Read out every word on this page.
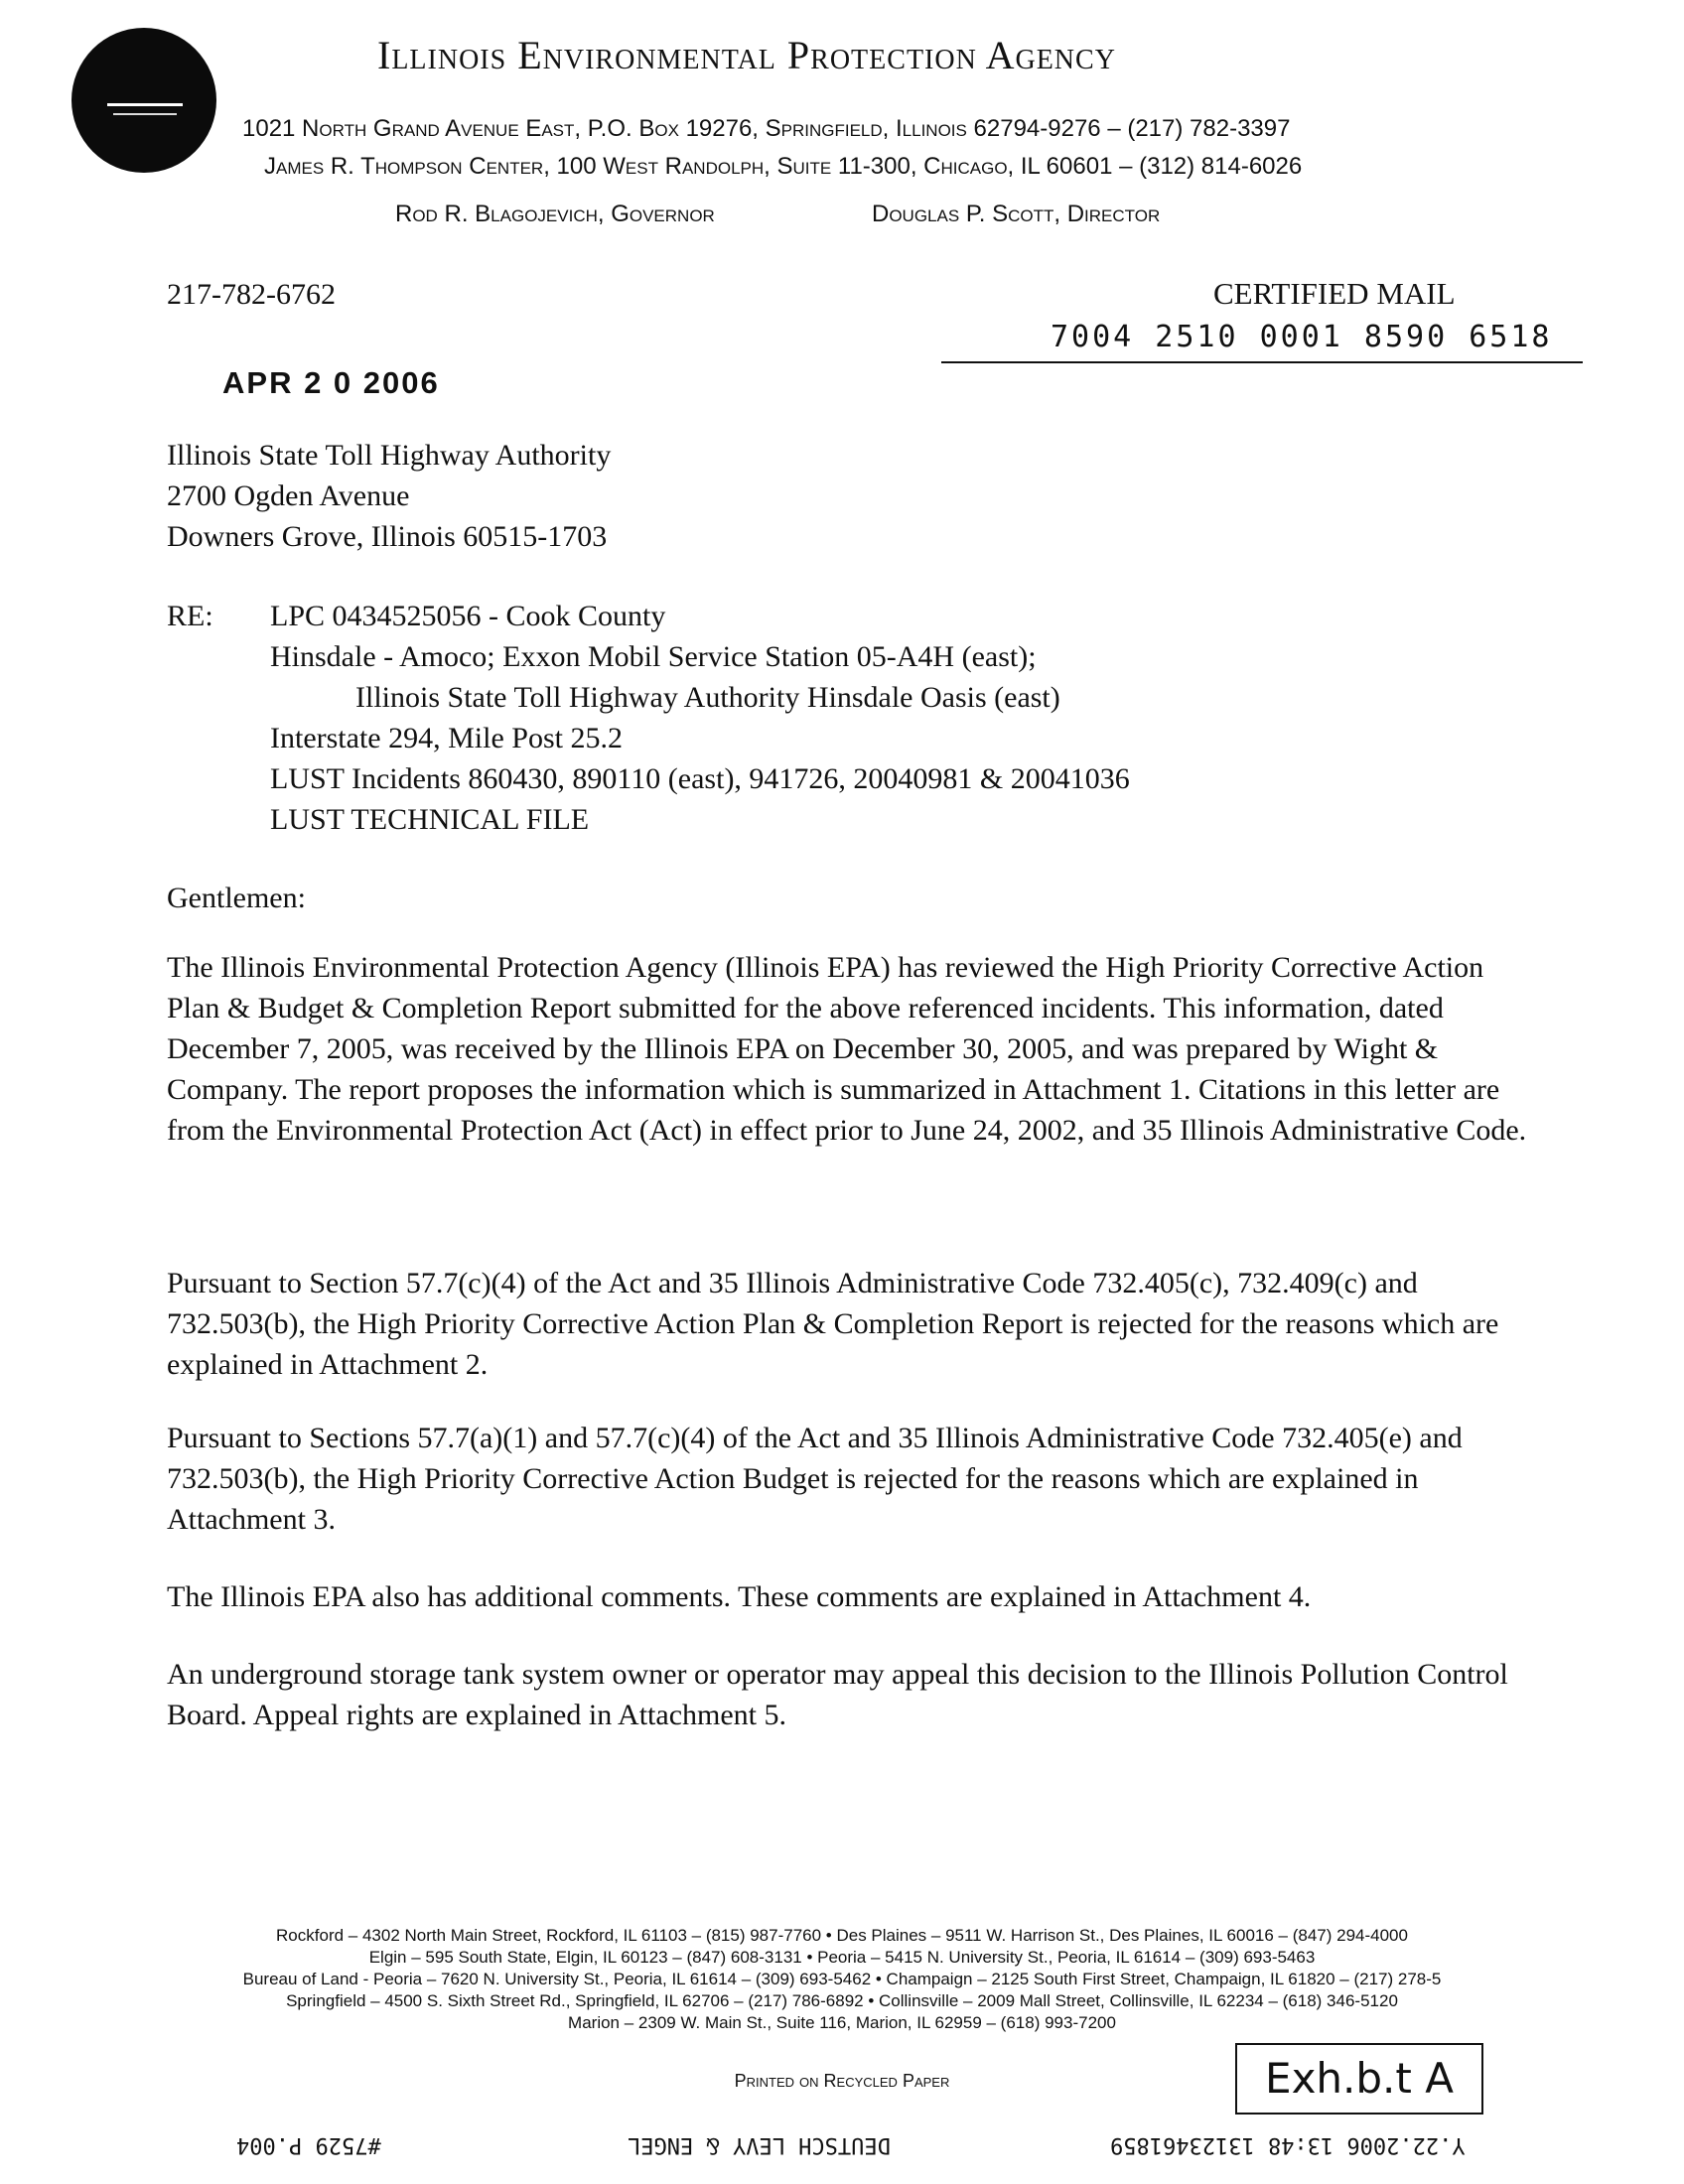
Illinois Environmental Protection Agency
1021 North Grand Avenue East, P.O. Box 19276, Springfield, Illinois 62794-9276 – (217) 782-3397
James R. Thompson Center, 100 West Randolph, Suite 11-300, Chicago, IL 60601 – (312) 814-6026
Rod R. Blagojevich, Governor	Douglas P. Scott, Director
217-782-6762	CERTIFIED MAIL
7004 2510 0001 8590 6518
APR 2 0 2006
Illinois State Toll Highway Authority
2700 Ogden Avenue
Downers Grove, Illinois 60515-1703
RE: LPC 0434525056 - Cook County
Hinsdale - Amoco; Exxon Mobil Service Station 05-A4H (east);
Illinois State Toll Highway Authority Hinsdale Oasis (east)
Interstate 294, Mile Post 25.2
LUST Incidents 860430, 890110 (east), 941726, 20040981 & 20041036
LUST TECHNICAL FILE
Gentlemen:
The Illinois Environmental Protection Agency (Illinois EPA) has reviewed the High Priority Corrective Action Plan & Budget & Completion Report submitted for the above referenced incidents. This information, dated December 7, 2005, was received by the Illinois EPA on December 30, 2005, and was prepared by Wight & Company. The report proposes the information which is summarized in Attachment 1. Citations in this letter are from the Environmental Protection Act (Act) in effect prior to June 24, 2002, and 35 Illinois Administrative Code.
Pursuant to Section 57.7(c)(4) of the Act and 35 Illinois Administrative Code 732.405(c), 732.409(c) and 732.503(b), the High Priority Corrective Action Plan & Completion Report is rejected for the reasons which are explained in Attachment 2.
Pursuant to Sections 57.7(a)(1) and 57.7(c)(4) of the Act and 35 Illinois Administrative Code 732.405(e) and 732.503(b), the High Priority Corrective Action Budget is rejected for the reasons which are explained in Attachment 3.
The Illinois EPA also has additional comments. These comments are explained in Attachment 4.
An underground storage tank system owner or operator may appeal this decision to the Illinois Pollution Control Board. Appeal rights are explained in Attachment 5.
Rockford – 4302 North Main Street, Rockford, IL 61103 – (815) 987-7760 • Des Plaines – 9511 W. Harrison St., Des Plaines, IL 60016 – (847) 294-4000
Elgin – 595 South State, Elgin, IL 60123 – (847) 608-3131 • Peoria – 5415 N. University St., Peoria, IL 61614 – (309) 693-5463
Bureau of Land - Peoria – 7620 N. University St., Peoria, IL 61614 – (309) 693-5462 • Champaign – 2125 South First Street, Champaign, IL 61820 – (217) 278-5
Springfield – 4500 S. Sixth Street Rd., Springfield, IL 62706 – (217) 786-6892 • Collinsville – 2009 Mall Street, Collinsville, IL 62234 – (618) 346-5120
Marion – 2309 W. Main St., Suite 116, Marion, IL 62959 – (618) 993-7200
Printed on Recycled Paper	Exh.b.t A
#7529 P.004	DEUTSCH LEVY & ENGEL	Y.22.2006 13:48 13123461859
